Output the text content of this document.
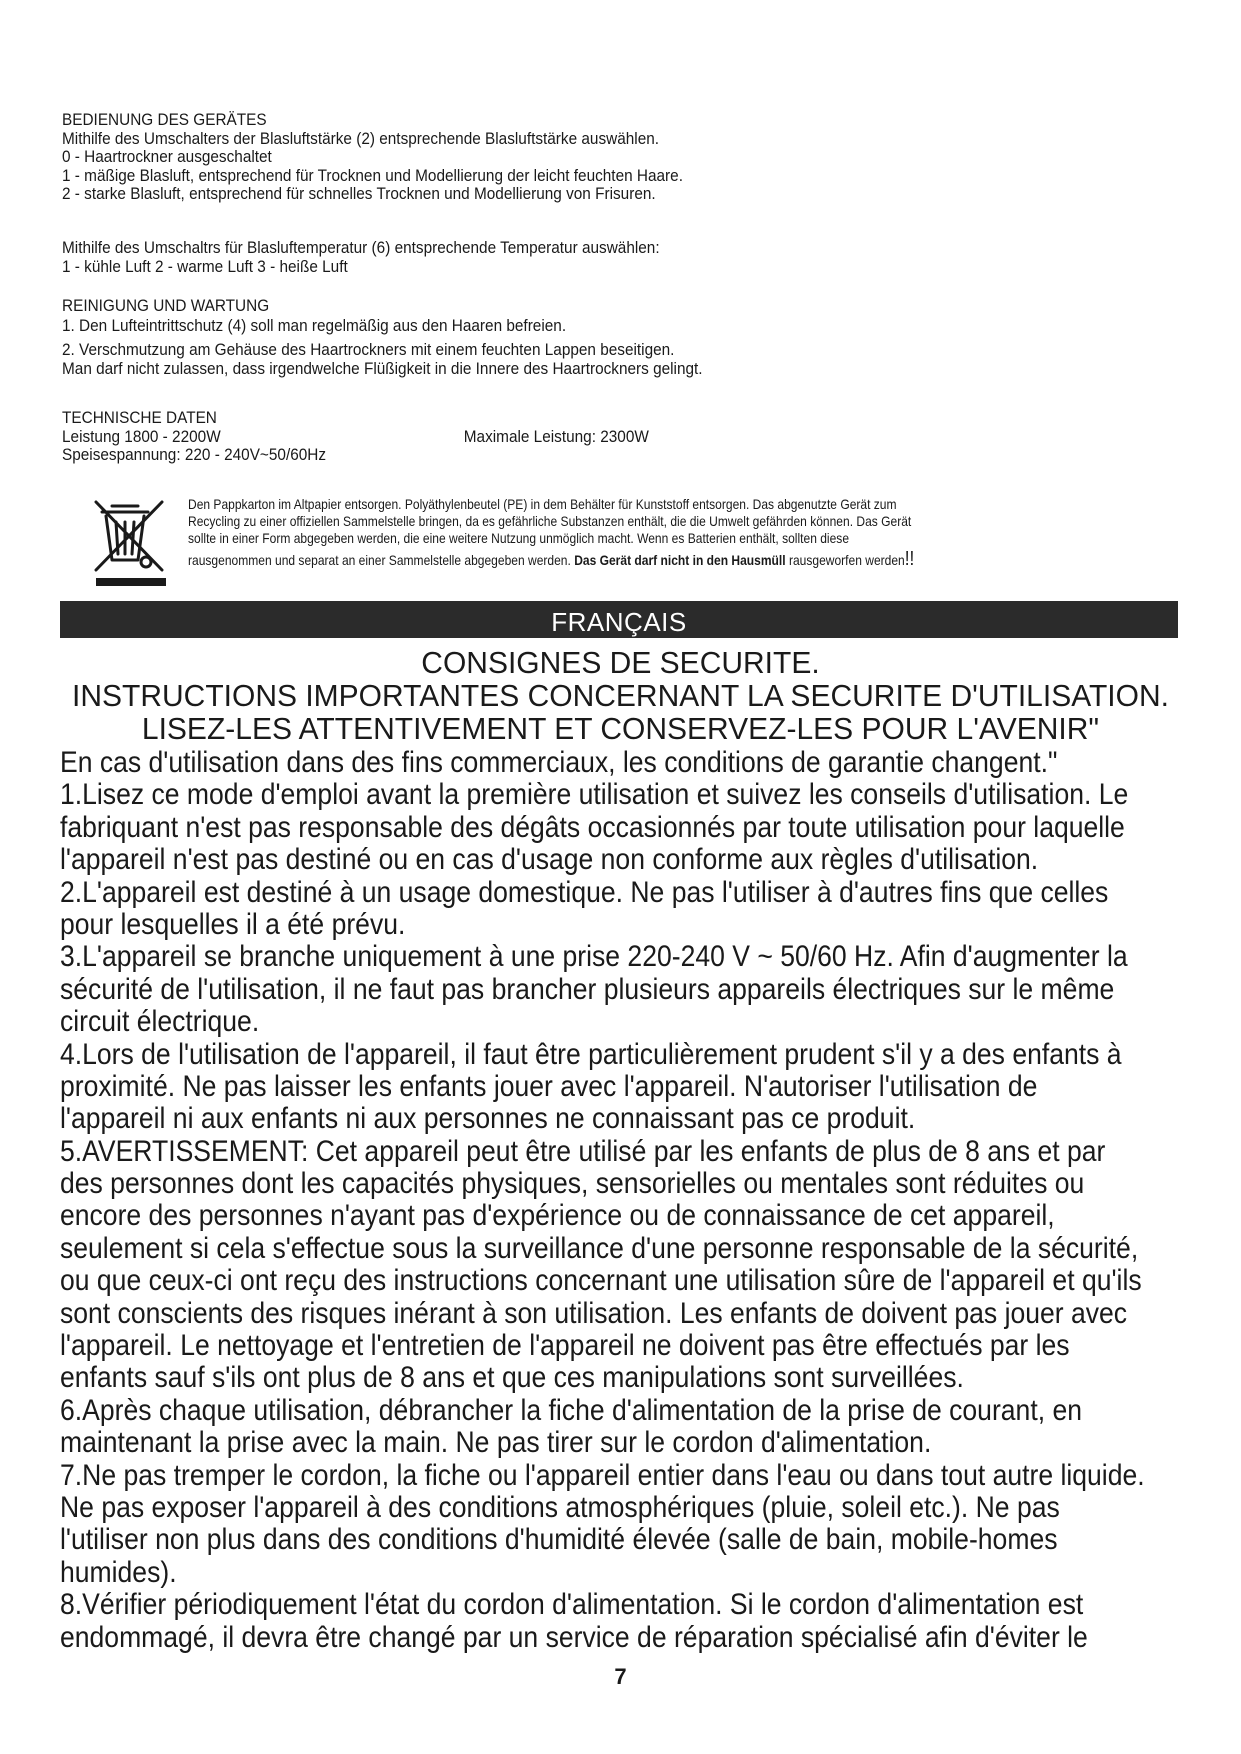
BEDIENUNG DES GERÄTES
Mithilfe des Umschalters der Blasluftstärke (2) entsprechende Blasluftstärke auswählen.
0 - Haartrockner ausgeschaltet
1 - mäßige Blasluft, entsprechend für Trocknen und Modellierung der leicht feuchten Haare.
2 - starke Blasluft, entsprechend für schnelles Trocknen und Modellierung von Frisuren.
Mithilfe des Umschaltrs für Blasluftemperatur (6) entsprechende Temperatur auswählen:
1 - kühle Luft 2 - warme Luft 3 - heiße Luft
REINIGUNG UND WARTUNG
1. Den Lufteintrittschutz (4) soll man regelmäßig aus den Haaren befreien.
2. Verschmutzung am Gehäuse des Haartrockners mit einem feuchten Lappen beseitigen.
Man darf nicht zulassen, dass irgendwelche Flüßigkeit in die Innere des Haartrockners gelingt.
TECHNISCHE DATEN
Leistung 1800 - 2200W	Maximale Leistung: 2300W
Speisespannung: 220 - 240V~50/60Hz
Den Pappkarton im Altpapier entsorgen. Polyäthylenbeutel (PE) in dem Behälter für Kunststoff entsorgen. Das abgenutzte Gerät zum
Recycling zu einer offiziellen Sammelstelle bringen, da es gefährliche Substanzen enthält, die die Umwelt gefährden können. Das Gerät
sollte in einer Form abgegeben werden, die eine weitere Nutzung unmöglich macht. Wenn es Batterien enthält, sollten diese
rausgenommen und separat an einer Sammelstelle abgegeben werden. Das Gerät darf nicht in den Hausmüll rausgeworfen werden!!
FRANÇAIS
CONSIGNES DE SECURITE.
INSTRUCTIONS IMPORTANTES CONCERNANT LA SECURITE D'UTILISATION.
LISEZ-LES ATTENTIVEMENT ET CONSERVEZ-LES POUR L'AVENIR"
En cas d'utilisation dans des fins commerciaux, les conditions de garantie changent."
1.Lisez ce mode d'emploi avant la première utilisation et suivez les conseils d'utilisation. Le
fabriquant n'est pas responsable des dégâts occasionnés par toute utilisation pour laquelle
l'appareil n'est pas destiné ou en cas d'usage non conforme aux règles d'utilisation.
2.L'appareil est destiné à un usage domestique. Ne pas l'utiliser à d'autres fins que celles
pour lesquelles il a été prévu.
3.L'appareil se branche uniquement à une prise 220-240 V ~ 50/60 Hz. Afin d'augmenter la
sécurité de l'utilisation, il ne faut pas brancher plusieurs appareils électriques sur le même
circuit électrique.
4.Lors de l'utilisation de l'appareil, il faut être particulièrement prudent s'il y a des enfants à
proximité. Ne pas laisser les enfants jouer avec l'appareil. N'autoriser l'utilisation de
l'appareil ni aux enfants ni aux personnes ne connaissant pas ce produit.
5.AVERTISSEMENT: Cet appareil peut être utilisé par les enfants de plus de 8 ans et par
des personnes dont les capacités physiques, sensorielles ou mentales sont réduites ou
encore des personnes n'ayant pas d'expérience ou de connaissance de cet appareil,
seulement si cela s'effectue sous la surveillance d'une personne responsable de la sécurité,
ou que ceux-ci ont reçu des instructions concernant une utilisation sûre de l'appareil et qu'ils
sont conscients des risques inérant à son utilisation. Les enfants de doivent pas jouer avec
l'appareil. Le nettoyage et l'entretien de l'appareil ne doivent pas être effectués par les
enfants sauf s'ils ont plus de 8 ans et que ces manipulations sont surveillées.
6.Après chaque utilisation, débrancher la fiche d'alimentation de la prise de courant, en
maintenant la prise avec la main. Ne pas tirer sur le cordon d'alimentation.
7.Ne pas tremper le cordon, la fiche ou l'appareil entier dans l'eau ou dans tout autre liquide.
Ne pas exposer l'appareil à des conditions atmosphériques (pluie, soleil etc.). Ne pas
l'utiliser non plus dans des conditions d'humidité élevée (salle de bain, mobile-homes
humides).
8.Vérifier périodiquement l'état du cordon d'alimentation. Si le cordon d'alimentation est
endommagé, il devra être changé par un service de réparation spécialisé afin d'éviter le
7
